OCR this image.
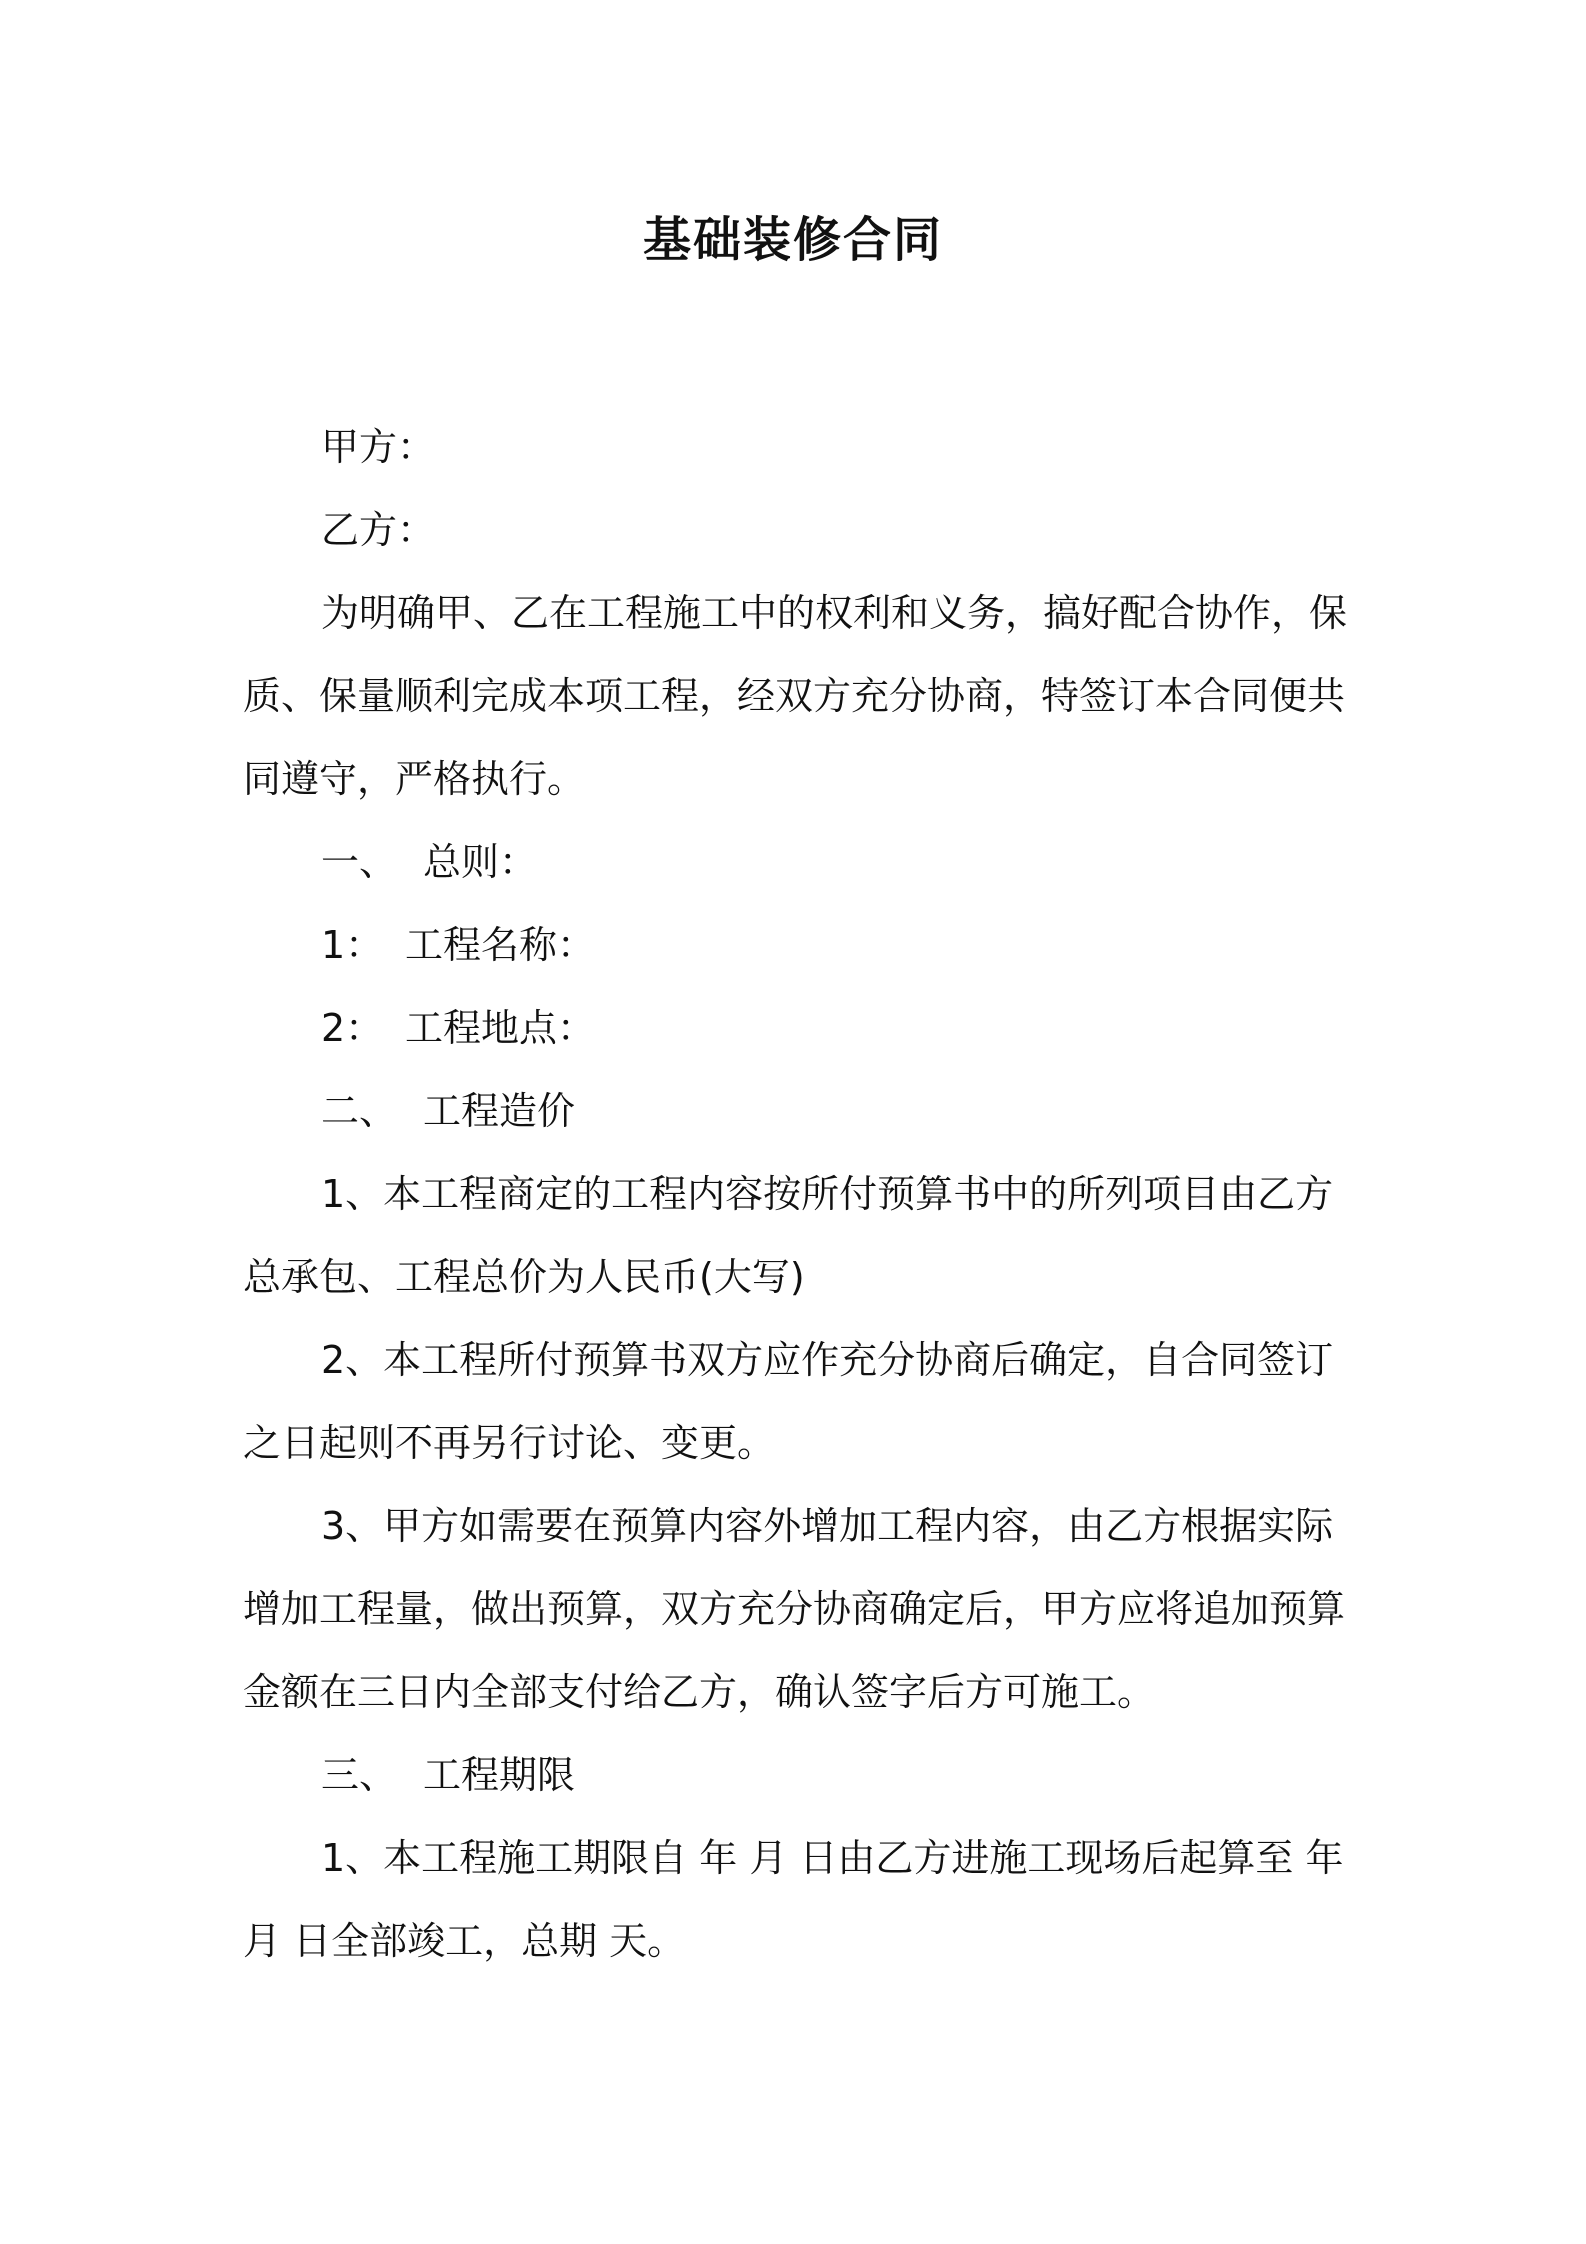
基础装修合同

甲方：

乙方：

为明确甲、乙在工程施工中的权利和义务，搞好配合协作，保质、保量顺利完成本项工程，经双方充分协商，特签订本合同便共同遵守，严格执行。

一、 总则：

1： 工程名称：

2： 工程地点：

二、 工程造价

1、本工程商定的工程内容按所付预算书中的所列项目由乙方总承包、工程总价为人民币(大写)

2、本工程所付预算书双方应作充分协商后确定，自合同签订之日起则不再另行讨论、变更。

3、甲方如需要在预算内容外增加工程内容，由乙方根据实际增加工程量，做出预算，双方充分协商确定后，甲方应将追加预算金额在三日内全部支付给乙方，确认签字后方可施工。

三、 工程期限

1、本工程施工期限自 年 月 日由乙方进施工现场后起算至 年 月 日全部竣工，总期 天。
